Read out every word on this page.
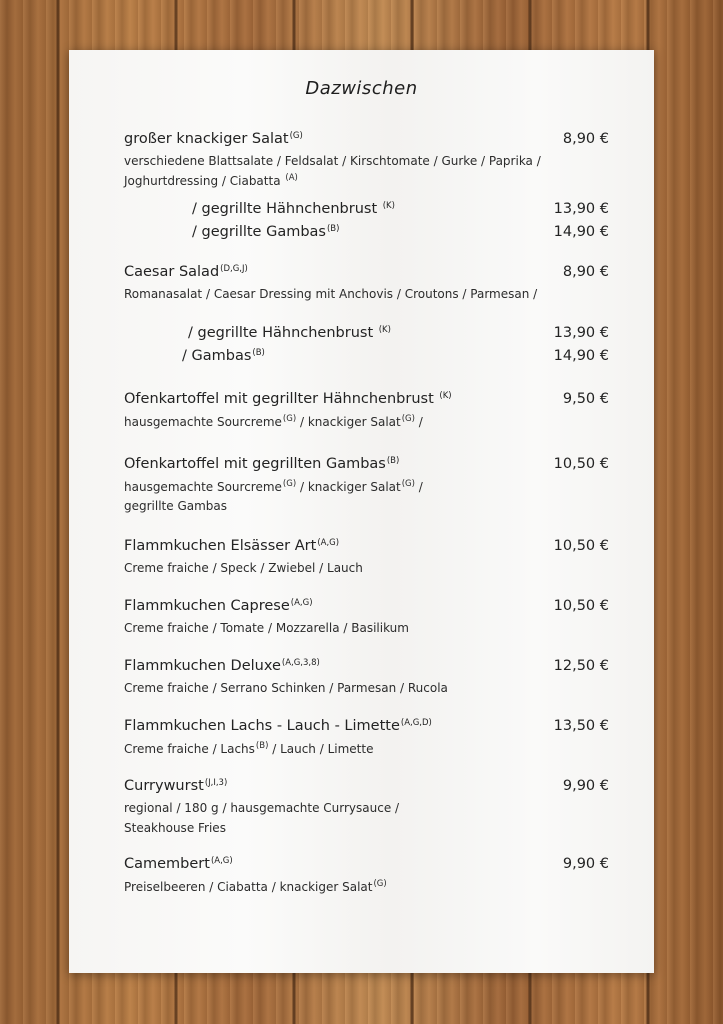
Dazwischen
großer knackiger Salat$^{(G)}$	8,90 €
verschiedene Blattsalate / Feldsalat / Kirschtomate / Gurke / Paprika /
Joghurtdressing / Ciabatta $^{(A)}$
/ gegrillte Hähnchenbrust $^{(K)}$	13,90 €
/ gegrillte Gambas$^{(B)}$	14,90 €
Caesar Salad$^{(D,G,J)}$	8,90 €
Romanasalat / Caesar Dressing mit Anchovis / Croutons / Parmesan /
/ gegrillte Hähnchenbrust $^{(K)}$	13,90 €
/ Gambas$^{(B)}$	14,90 €
Ofenkartoffel mit gegrillter Hähnchenbrust $^{(K)}$	9,50 €
hausgemachte Sourcreme$^{(G)}$ / knackiger Salat$^{(G)}$ /
Ofenkartoffel mit gegrillten Gambas$^{(B)}$	10,50 €
hausgemachte Sourcreme$^{(G)}$ / knackiger Salat$^{(G)}$ /
gegrillte Gambas
Flammkuchen Elsässer Art$^{(A,G)}$	10,50 €
Creme fraiche / Speck / Zwiebel / Lauch
Flammkuchen Caprese$^{(A,G)}$	10,50 €
Creme fraiche / Tomate / Mozzarella / Basilikum
Flammkuchen Deluxe$^{(A,G,3,8)}$	12,50 €
Creme fraiche / Serrano Schinken / Parmesan / Rucola
Flammkuchen Lachs - Lauch - Limette$^{(A,G,D)}$	13,50 €
Creme fraiche / Lachs$^{(B)}$ / Lauch / Limette
Currywurst$^{(J,I,3)}$	9,90 €
regional / 180 g / hausgemachte Currysauce /
Steakhouse Fries
Camembert$^{(A,G)}$	9,90 €
Preiselbeeren / Ciabatta / knackiger Salat$^{(G)}$
